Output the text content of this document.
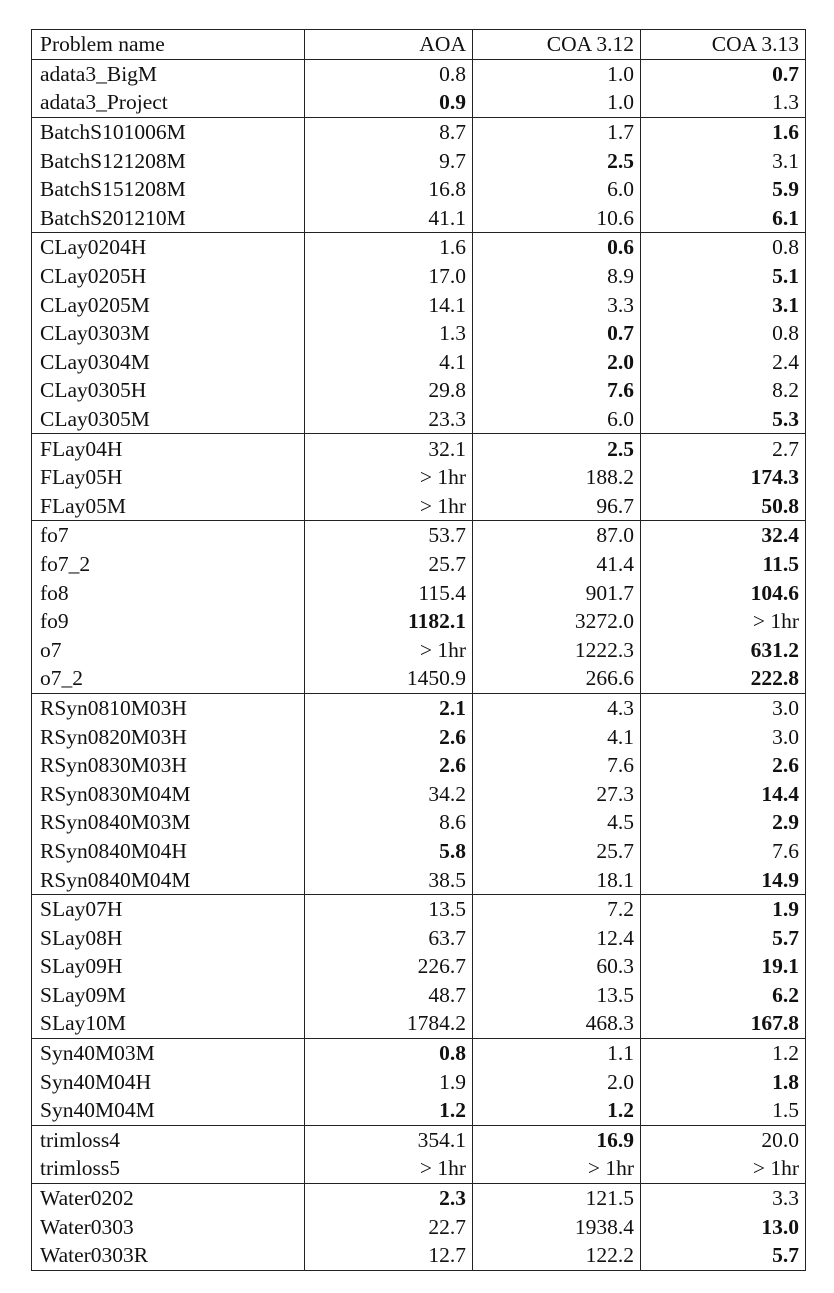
Problem name	AOA	COA 3.12	COA 3.13
adata3_BigM	0.8	1.0	0.7
adata3_Project	0.9	1.0	1.3
BatchS101006M	8.7	1.7	1.6
BatchS121208M	9.7	2.5	3.1
BatchS151208M	16.8	6.0	5.9
BatchS201210M	41.1	10.6	6.1
CLay0204H	1.6	0.6	0.8
CLay0205H	17.0	8.9	5.1
CLay0205M	14.1	3.3	3.1
CLay0303M	1.3	0.7	0.8
CLay0304M	4.1	2.0	2.4
CLay0305H	29.8	7.6	8.2
CLay0305M	23.3	6.0	5.3
FLay04H	32.1	2.5	2.7
FLay05H	> 1hr	188.2	174.3
FLay05M	> 1hr	96.7	50.8
fo7	53.7	87.0	32.4
fo7_2	25.7	41.4	11.5
fo8	115.4	901.7	104.6
fo9	1182.1	3272.0	> 1hr
o7	> 1hr	1222.3	631.2
o7_2	1450.9	266.6	222.8
RSyn0810M03H	2.1	4.3	3.0
RSyn0820M03H	2.6	4.1	3.0
RSyn0830M03H	2.6	7.6	2.6
RSyn0830M04M	34.2	27.3	14.4
RSyn0840M03M	8.6	4.5	2.9
RSyn0840M04H	5.8	25.7	7.6
RSyn0840M04M	38.5	18.1	14.9
SLay07H	13.5	7.2	1.9
SLay08H	63.7	12.4	5.7
SLay09H	226.7	60.3	19.1
SLay09M	48.7	13.5	6.2
SLay10M	1784.2	468.3	167.8
Syn40M03M	0.8	1.1	1.2
Syn40M04H	1.9	2.0	1.8
Syn40M04M	1.2	1.2	1.5
trimloss4	354.1	16.9	20.0
trimloss5	> 1hr	> 1hr	> 1hr
Water0202	2.3	121.5	3.3
Water0303	22.7	1938.4	13.0
Water0303R	12.7	122.2	5.7
